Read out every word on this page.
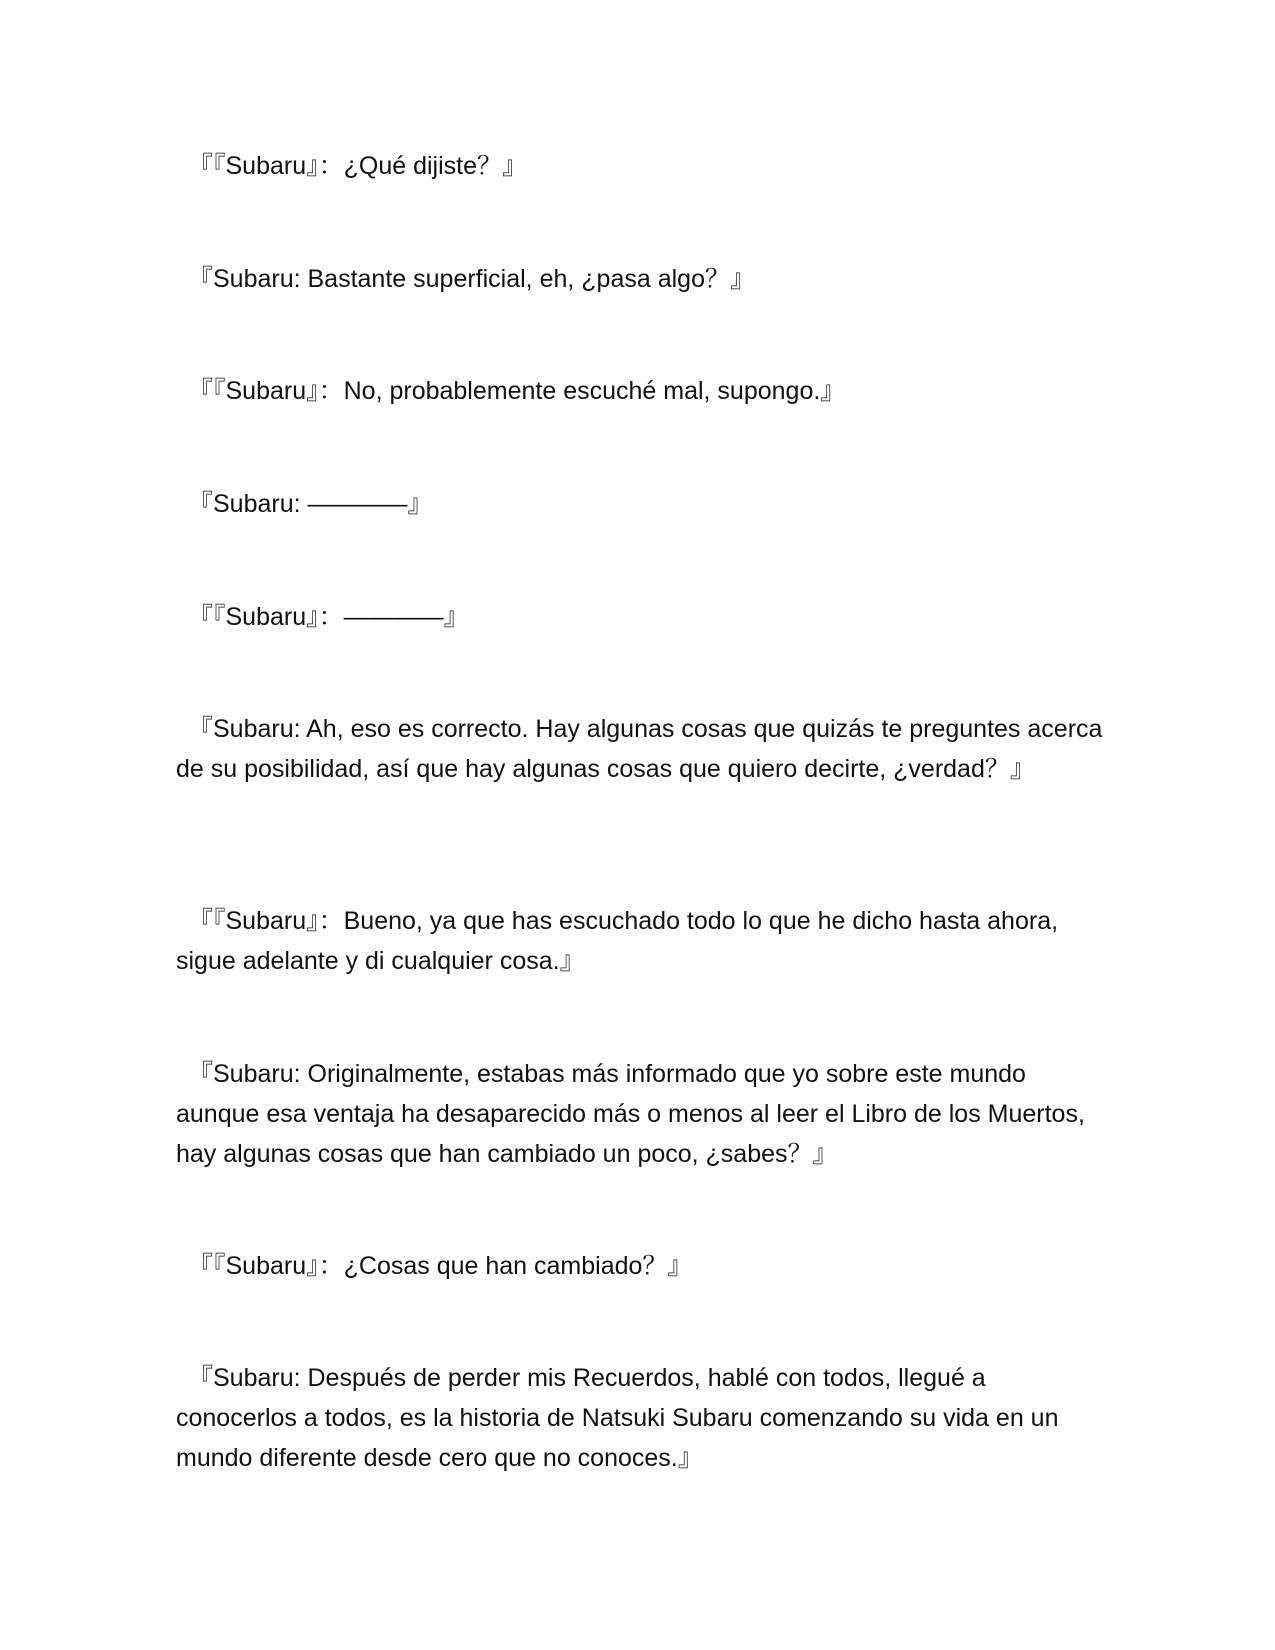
『『Subaru』：¿Qué dijiste？』

『Subaru: Bastante superficial, eh, ¿pasa algo？』

『『Subaru』：No, probablemente escuché mal, supongo.』

『Subaru: ————』

『『Subaru』：————』

『Subaru: Ah, eso es correcto. Hay algunas cosas que quizás te preguntes acerca de su posibilidad, así que hay algunas cosas que quiero decirte, ¿verdad？』

『『Subaru』：Bueno, ya que has escuchado todo lo que he dicho hasta ahora, sigue adelante y di cualquier cosa.』

『Subaru: Originalmente, estabas más informado que yo sobre este mundo aunque esa ventaja ha desaparecido más o menos al leer el Libro de los Muertos, hay algunas cosas que han cambiado un poco, ¿sabes？』

『『Subaru』：¿Cosas que han cambiado？』

『Subaru: Después de perder mis Recuerdos, hablé con todos, llegué a conocerlos a todos, es la historia de Natsuki Subaru comenzando su vida en un mundo diferente desde cero que no conoces.』
